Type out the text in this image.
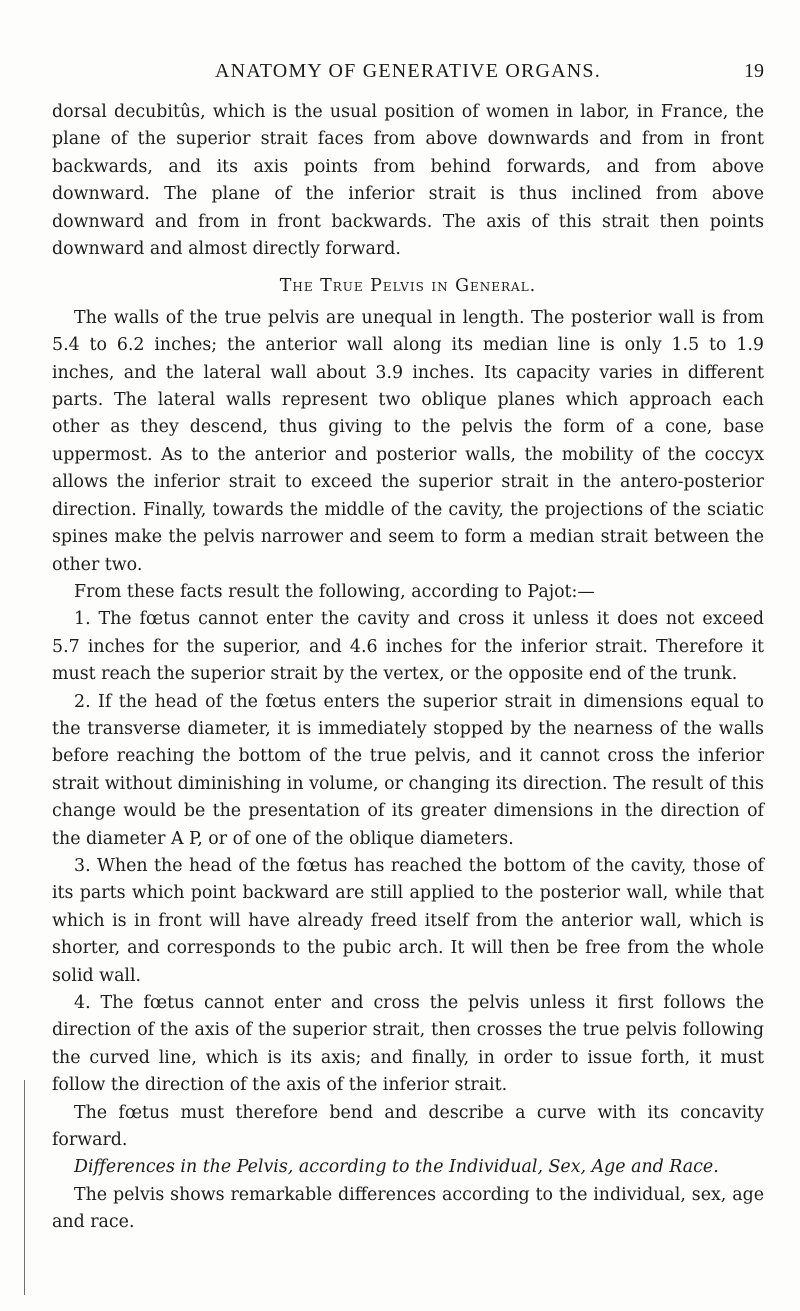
ANATOMY OF GENERATIVE ORGANS.	19

dorsal decubitûs, which is the usual position of women in labor, in France, the plane of the superior strait faces from above downwards and from in front backwards, and its axis points from behind forwards, and from above downward. The plane of the inferior strait is thus inclined from above downward and from in front backwards. The axis of this strait then points downward and almost directly forward.

The True Pelvis in General.

The walls of the true pelvis are unequal in length. The posterior wall is from 5.4 to 6.2 inches; the anterior wall along its median line is only 1.5 to 1.9 inches, and the lateral wall about 3.9 inches. Its capacity varies in different parts. The lateral walls represent two oblique planes which approach each other as they descend, thus giving to the pelvis the form of a cone, base uppermost. As to the anterior and posterior walls, the mobility of the coccyx allows the inferior strait to exceed the superior strait in the antero-posterior direction. Finally, towards the middle of the cavity, the projections of the sciatic spines make the pelvis narrower and seem to form a median strait between the other two.

From these facts result the following, according to Pajot:—

1. The fœtus cannot enter the cavity and cross it unless it does not exceed 5.7 inches for the superior, and 4.6 inches for the inferior strait. Therefore it must reach the superior strait by the vertex, or the opposite end of the trunk.

2. If the head of the fœtus enters the superior strait in dimensions equal to the transverse diameter, it is immediately stopped by the nearness of the walls before reaching the bottom of the true pelvis, and it cannot cross the inferior strait without diminishing in volume, or changing its direction. The result of this change would be the presentation of its greater dimensions in the direction of the diameter A P, or of one of the oblique diameters.

3. When the head of the fœtus has reached the bottom of the cavity, those of its parts which point backward are still applied to the posterior wall, while that which is in front will have already freed itself from the anterior wall, which is shorter, and corresponds to the pubic arch. It will then be free from the whole solid wall.

4. The fœtus cannot enter and cross the pelvis unless it first follows the direction of the axis of the superior strait, then crosses the true pelvis following the curved line, which is its axis; and finally, in order to issue forth, it must follow the direction of the axis of the inferior strait.

The fœtus must therefore bend and describe a curve with its concavity forward.

Differences in the Pelvis, according to the Individual, Sex, Age and Race.

The pelvis shows remarkable differences according to the individual, sex, age and race.
